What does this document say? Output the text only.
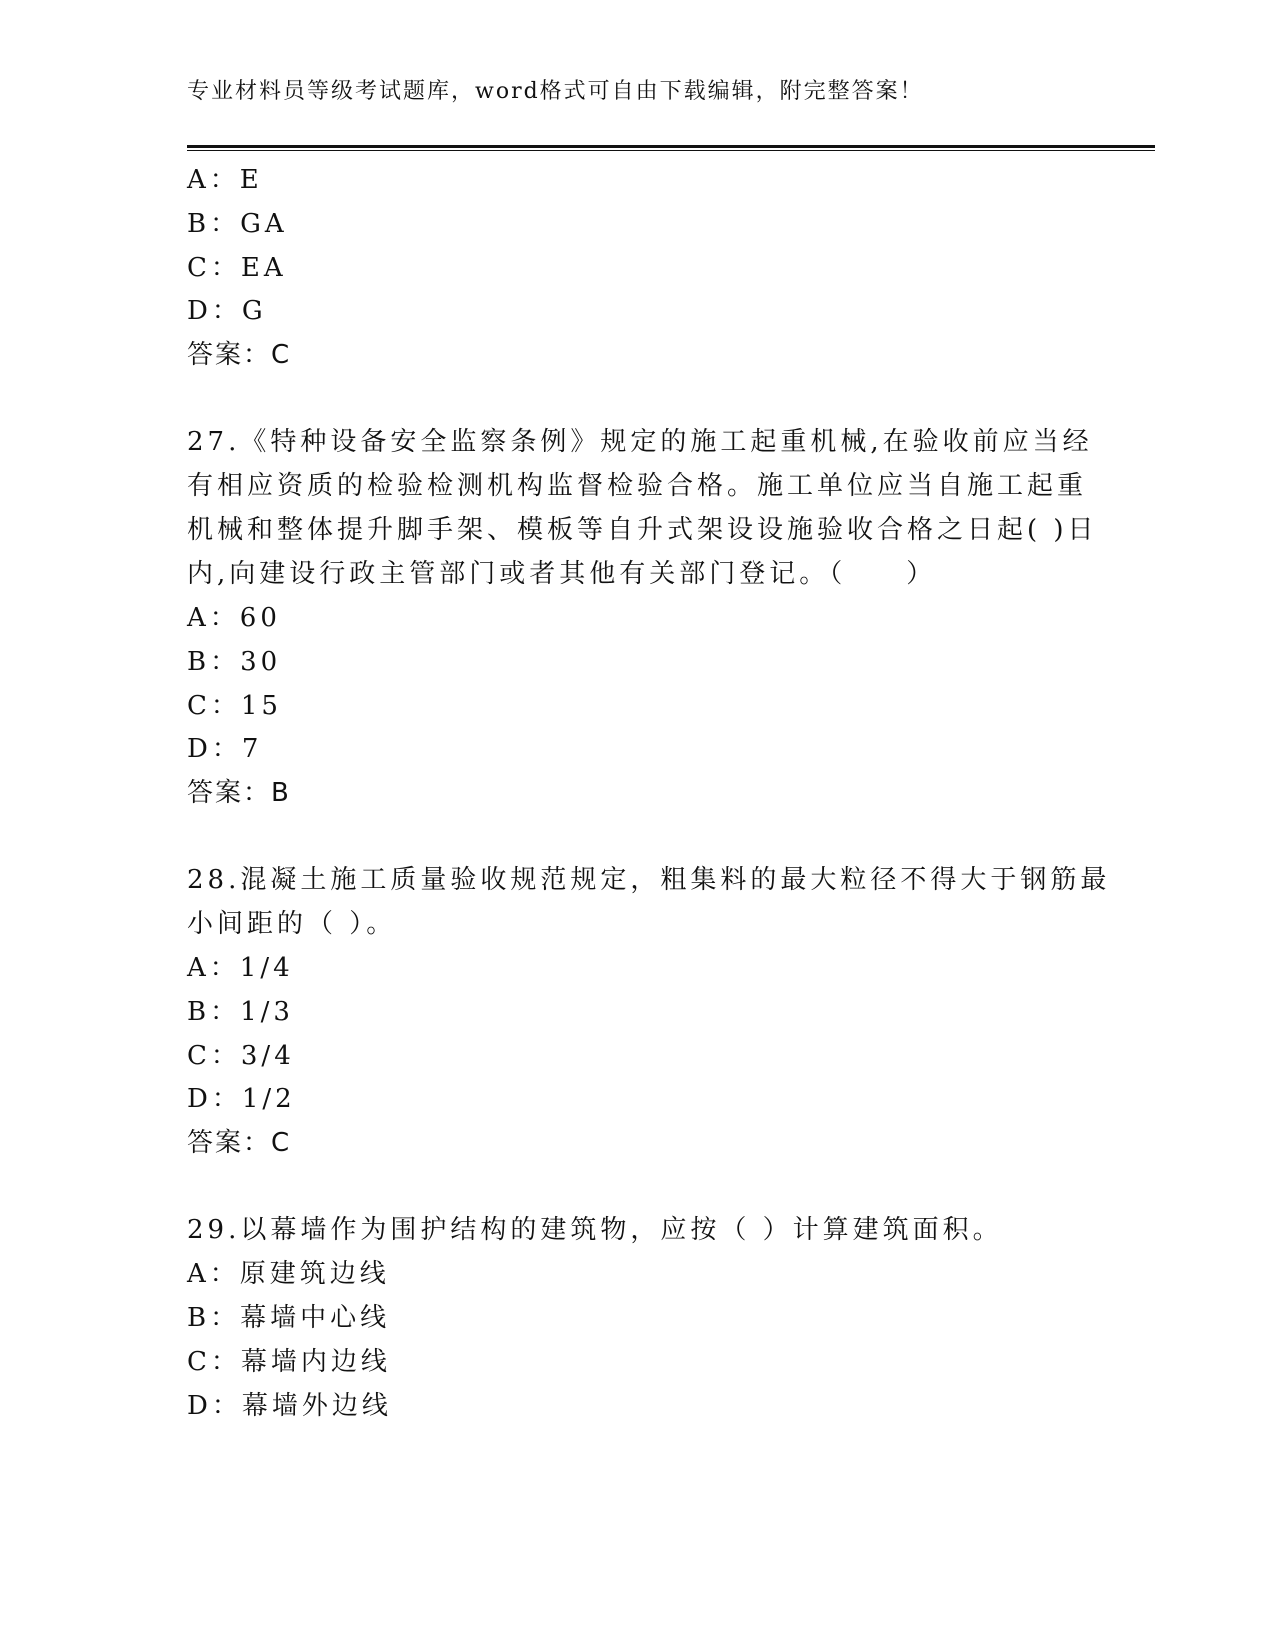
专业材料员等级考试题库，word格式可自由下载编辑，附完整答案！
A：E
B：GA
C：EA
D：G
答案：C
27.《特种设备安全监察条例》规定的施工起重机械,在验收前应当经
有相应资质的检验检测机构监督检验合格。施工单位应当自施工起重
机械和整体提升脚手架、模板等自升式架设设施验收合格之日起( )日
内,向建设行政主管部门或者其他有关部门登记。（　　）
A：60
B：30
C：15
D：7
答案：B
28.混凝土施工质量验收规范规定，粗集料的最大粒径不得大于钢筋最
小间距的（ ）。
A：1/4
B：1/3
C：3/4
D：1/2
答案：C
29.以幕墙作为围护结构的建筑物，应按（ ）计算建筑面积。
A：原建筑边线
B：幕墙中心线
C：幕墙内边线
D：幕墙外边线
